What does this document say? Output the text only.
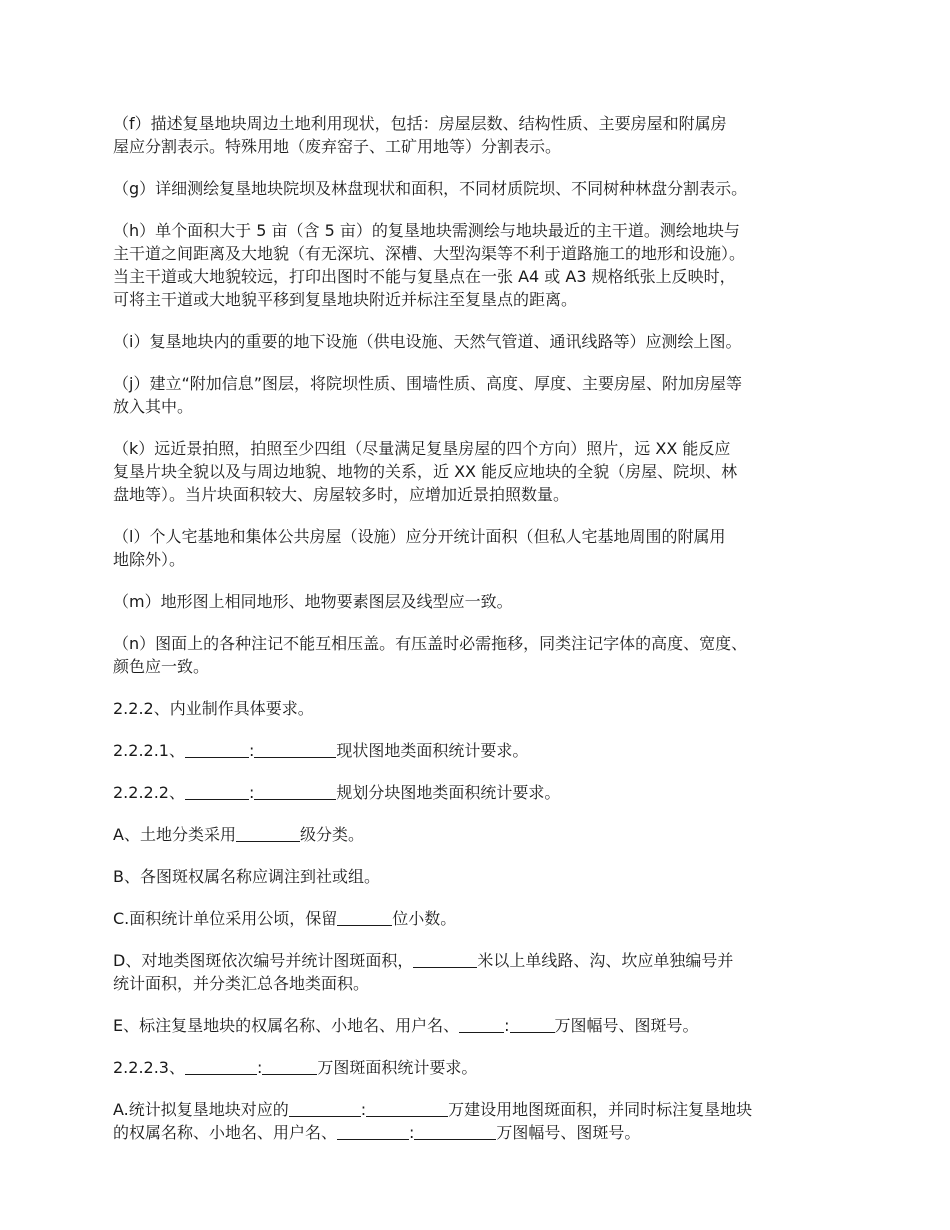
（f）描述复垦地块周边土地利用现状，包括：房屋层数、结构性质、主要房屋和附属房
屋应分割表示。特殊用地（废弃窑子、工矿用地等）分割表示。

（g）详细测绘复垦地块院坝及林盘现状和面积，不同材质院坝、不同树种林盘分割表示。

（h）单个面积大于 5 亩（含 5 亩）的复垦地块需测绘与地块最近的主干道。测绘地块与
主干道之间距离及大地貌（有无深坑、深槽、大型沟渠等不利于道路施工的地形和设施）。
当主干道或大地貌较远，打印出图时不能与复垦点在一张 A4 或 A3 规格纸张上反映时，
可将主干道或大地貌平移到复垦地块附近并标注至复垦点的距离。

（i）复垦地块内的重要的地下设施（供电设施、天然气管道、通讯线路等）应测绘上图。

（j）建立“附加信息”图层，将院坝性质、围墙性质、高度、厚度、主要房屋、附加房屋等
放入其中。

（k）远近景拍照，拍照至少四组（尽量满足复垦房屋的四个方向）照片，远 XX 能反应
复垦片块全貌以及与周边地貌、地物的关系，近 XX 能反应地块的全貌（房屋、院坝、林
盘地等）。当片块面积较大、房屋较多时，应增加近景拍照数量。

（l）个人宅基地和集体公共房屋（设施）应分开统计面积（但私人宅基地周围的附属用
地除外）。

（m）地形图上相同地形、地物要素图层及线型应一致。

（n）图面上的各种注记不能互相压盖。有压盖时必需拖移，同类注记字体的高度、宽度、
颜色应一致。

2.2.2、内业制作具体要求。

2.2.2.1、	:	现状图地类面积统计要求。

2.2.2.2、	:	规划分块图地类面积统计要求。

A、土地分类采用	级分类。

B、各图斑权属名称应调注到社或组。

C.面积统计单位采用公顷，保留	位小数。

D、对地类图斑依次编号并统计图斑面积，	米以上单线路、沟、坎应单独编号并
统计面积，并分类汇总各地类面积。

E、标注复垦地块的权属名称、小地名、用户名、	:	万图幅号、图斑号。

2.2.2.3、	:	万图斑面积统计要求。

A.统计拟复垦地块对应的	:	万建设用地图斑面积，并同时标注复垦地块
的权属名称、小地名、用户名、	:	万图幅号、图斑号。
